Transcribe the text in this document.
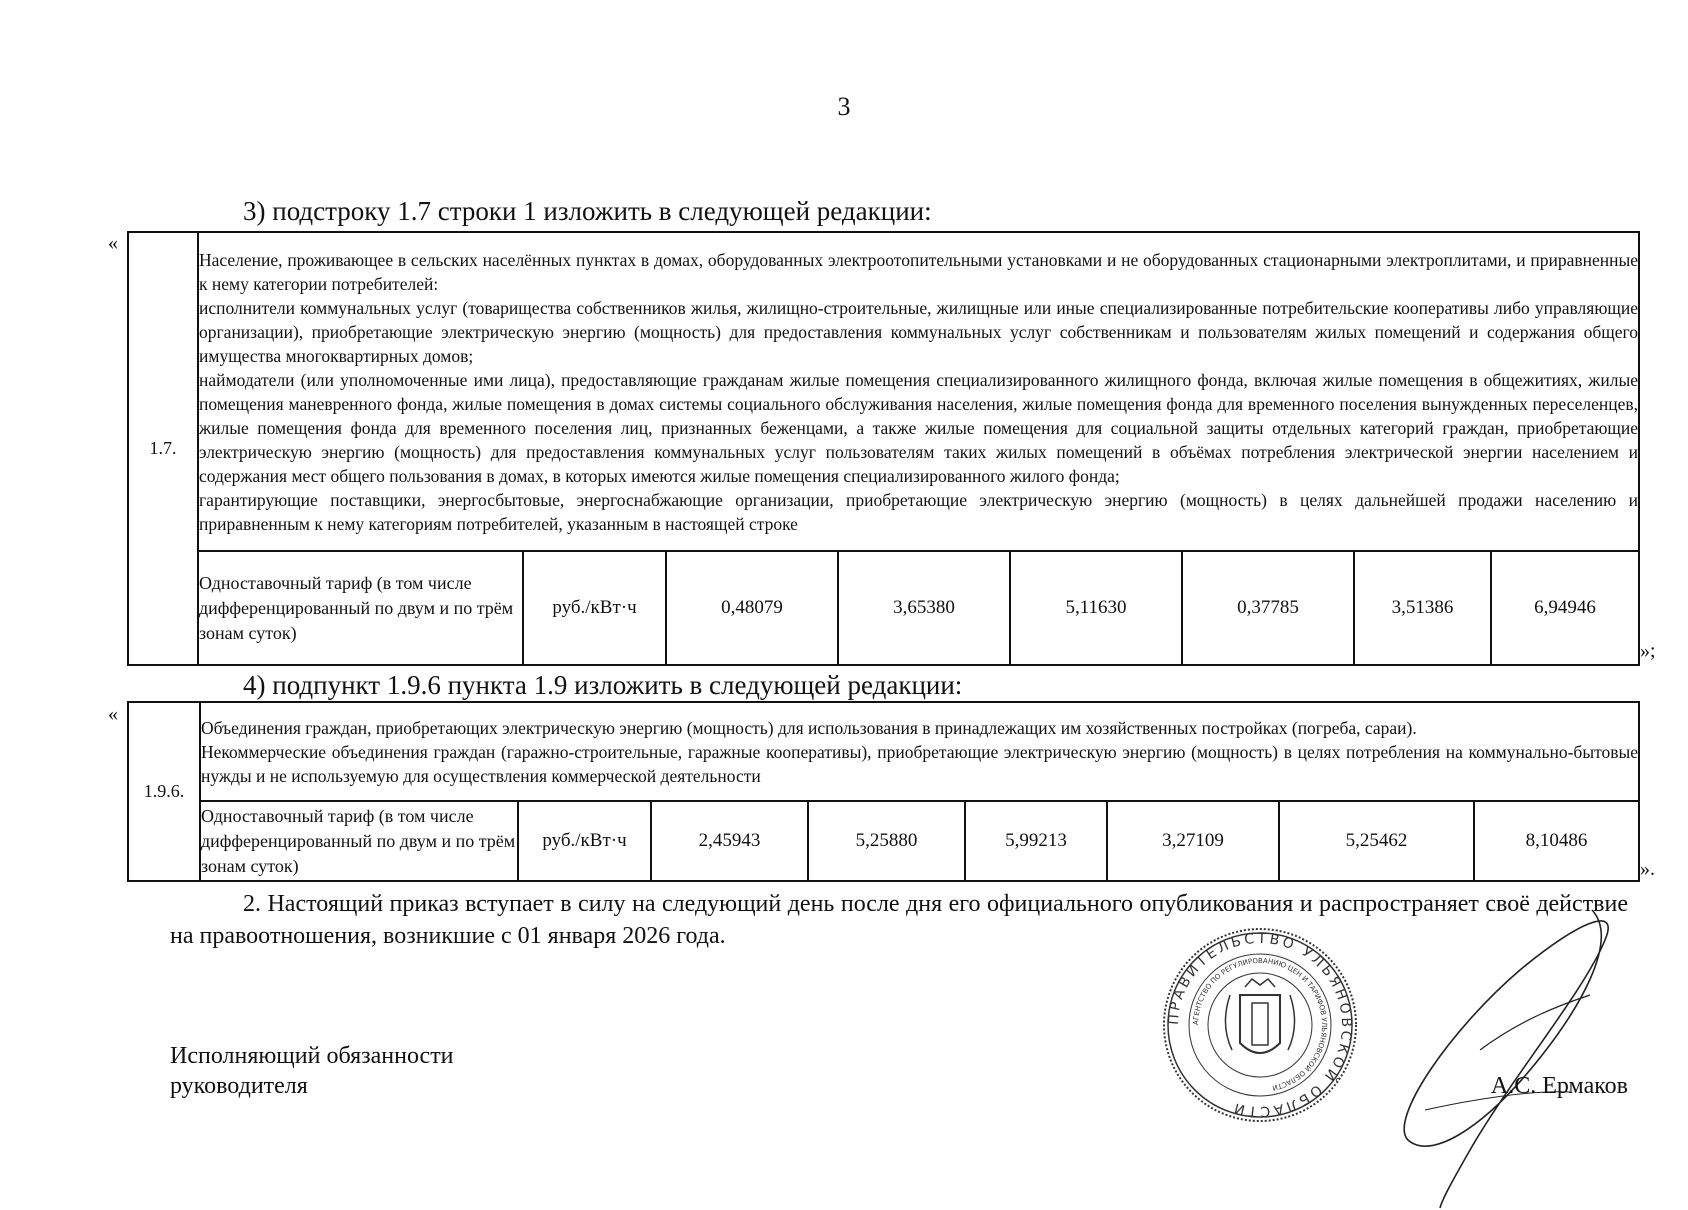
3
3) подстроку 1.7 строки 1 изложить в следующей редакции:
«
1.7.	Население, проживающее в сельских населённых пунктах в домах, оборудованных электроотопительными установками и не оборудованных стационарными электроплитами, и приравненные к нему категории потребителей:

исполнители коммунальных услуг (товарищества собственников жилья, жилищно-строительные, жилищные или иные специализированные потребительские кооперативы либо управляющие организации), приобретающие электрическую энергию (мощность) для предоставления коммунальных услуг собственникам и пользователям жилых помещений и содержания общего имущества многоквартирных домов;

наймодатели (или уполномоченные ими лица), предоставляющие гражданам жилые помещения специализированного жилищного фонда, включая жилые помещения в общежитиях, жилые помещения маневренного фонда, жилые помещения в домах системы социального обслуживания населения, жилые помещения фонда для временного поселения вынужденных переселенцев, жилые помещения фонда для временного поселения лиц, признанных беженцами, а также жилые помещения для социальной защиты отдельных категорий граждан, приобретающие электрическую энергию (мощность) для предоставления коммунальных услуг пользователям таких жилых помещений в объёмах потребления электрической энергии населением и содержания мест общего пользования в домах, в которых имеются жилые помещения специализированного жилого фонда;

гарантирующие поставщики, энергосбытовые, энергоснабжающие организации, приобретающие электрическую энергию (мощность) в целях дальнейшей продажи населению и приравненным к нему категориям потребителей, указанным в настоящей строке							

	Одноставочный тариф (в том числе дифференцированный по двум и по трём зонам суток)	руб./кВт·ч	0,48079	3,65380	5,11630	0,37785	3,51386	6,94946
»;
4) подпункт 1.9.6 пункта 1.9 изложить в следующей редакции:
«
1.9.6.	Объединения граждан, приобретающих электрическую энергию (мощность) для использования в принадлежащих им хозяйственных постройках (погреба, сараи).

Некоммерческие объединения граждан (гаражно-строительные, гаражные кооперативы), приобретающие электрическую энергию (мощность) в целях потребления на коммунально-бытовые нужды и не используемую для осуществления коммерческой деятельности							

	Одноставочный тариф (в том числе дифференцированный по двум и по трём зонам суток)	руб./кВт·ч	2,45943	5,25880	5,99213	3,27109	5,25462	8,10486
».
2. Настоящий приказ вступает в силу на следующий день после дня его официального опубликования и распространяет своё действие на правоотношения, возникшие с 01 января 2026 года.
ПРАВИТЕЛЬСТВО УЛЬЯНОВСКОЙ ОБЛАСТИ
АГЕНТСТВО ПО РЕГУЛИРОВАНИЮ ЦЕН И ТАРИФОВ УЛЬЯНОВСКОЙ ОБЛАСТИ
Исполняющий обязанности
руководителя	А.С. Ермаков
